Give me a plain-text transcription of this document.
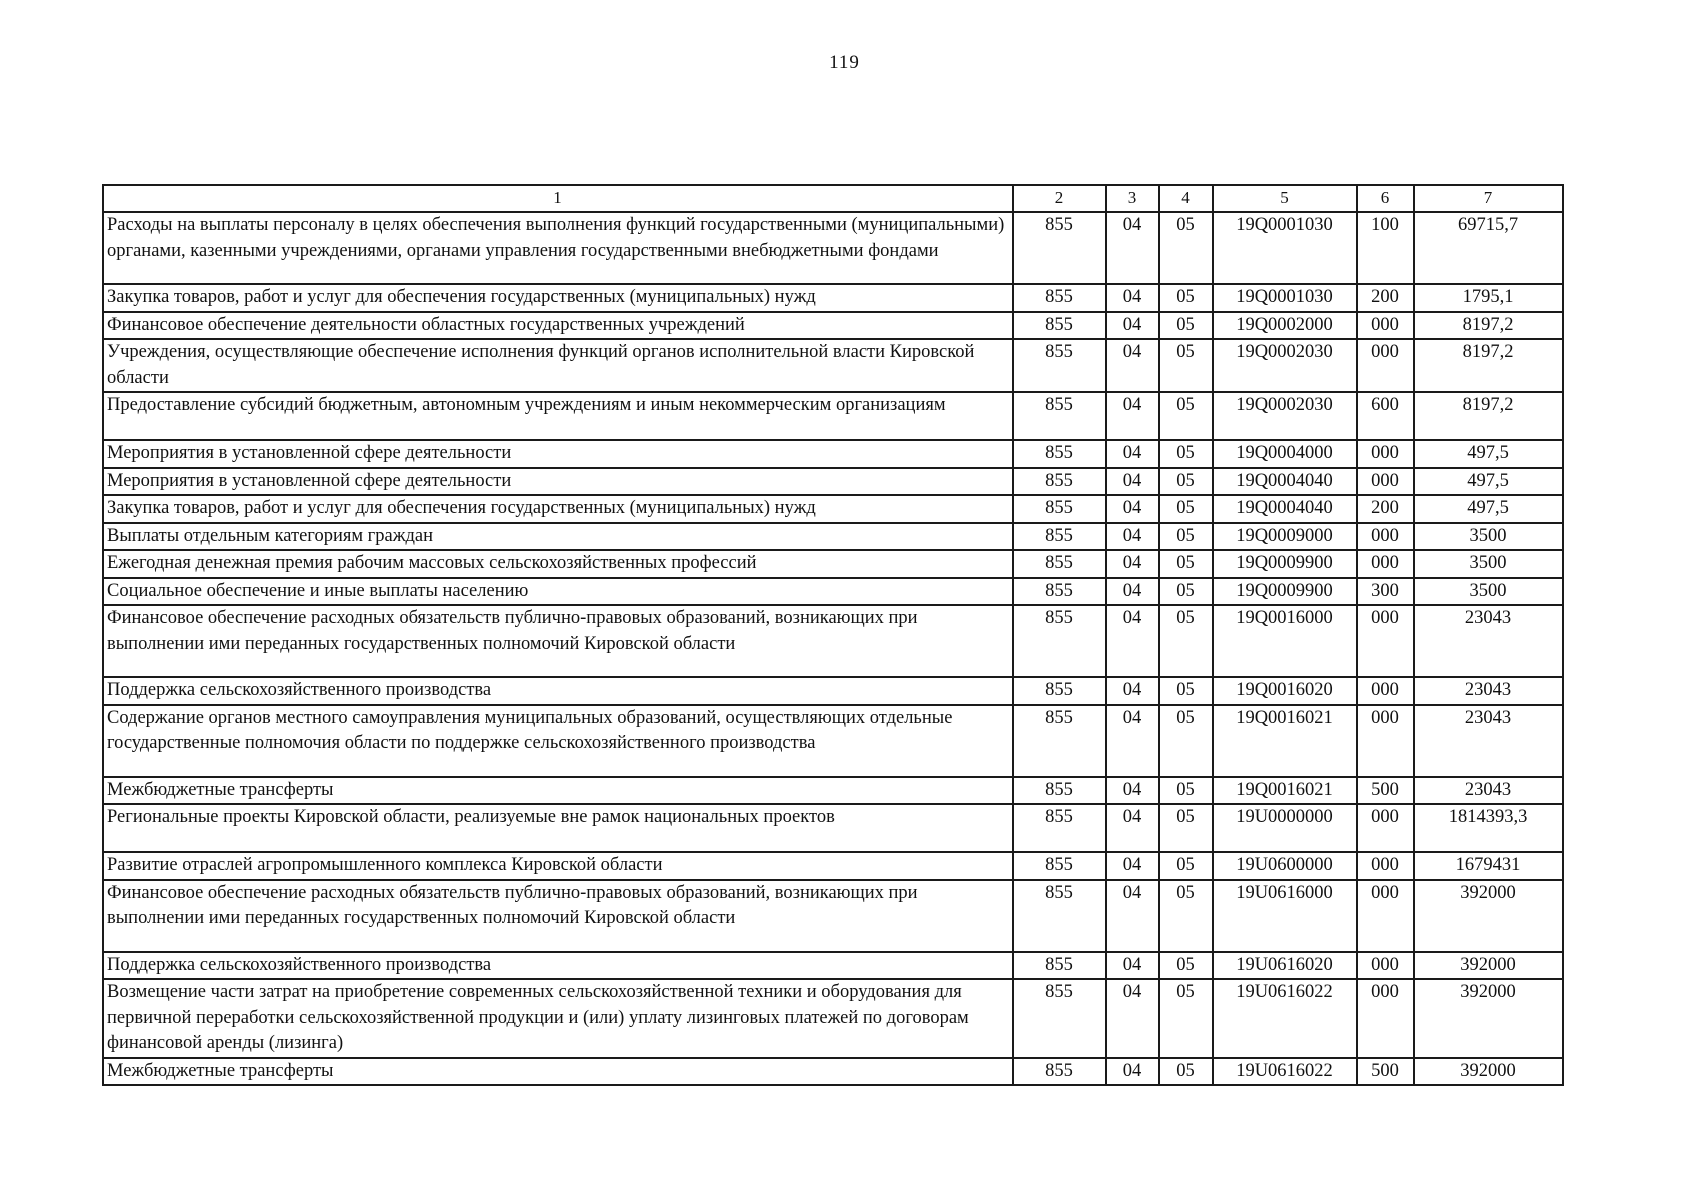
119
1	2	3	4	5	6	7
Расходы на выплаты персоналу в целях обеспечения выполнения функций государственными (муниципальными) органами, казенными учреждениями, органами управления государственными внебюджетными фондами	855	04	05	19Q0001030	100	69715,7
Закупка товаров, работ и услуг для обеспечения государственных (муниципальных) нужд	855	04	05	19Q0001030	200	1795,1
Финансовое обеспечение деятельности областных государственных учреждений	855	04	05	19Q0002000	000	8197,2
Учреждения, осуществляющие обеспечение исполнения функций органов исполнительной власти Кировской области	855	04	05	19Q0002030	000	8197,2
Предоставление субсидий бюджетным, автономным учреждениям и иным некоммерческим организациям	855	04	05	19Q0002030	600	8197,2
Мероприятия в установленной сфере деятельности	855	04	05	19Q0004000	000	497,5
Мероприятия в установленной сфере деятельности	855	04	05	19Q0004040	000	497,5
Закупка товаров, работ и услуг для обеспечения государственных (муниципальных) нужд	855	04	05	19Q0004040	200	497,5
Выплаты отдельным категориям граждан	855	04	05	19Q0009000	000	3500
Ежегодная денежная премия рабочим массовых сельскохозяйственных профессий	855	04	05	19Q0009900	000	3500
Социальное обеспечение и иные выплаты населению	855	04	05	19Q0009900	300	3500
Финансовое обеспечение расходных обязательств публично-правовых образований, возникающих при выполнении ими переданных государственных полномочий Кировской области	855	04	05	19Q0016000	000	23043
Поддержка сельскохозяйственного производства	855	04	05	19Q0016020	000	23043
Содержание органов местного самоуправления муниципальных образований, осуществляющих отдельные государственные полномочия области по поддержке сельскохозяйственного производства	855	04	05	19Q0016021	000	23043
Межбюджетные трансферты	855	04	05	19Q0016021	500	23043
Региональные проекты Кировской области, реализуемые вне рамок национальных проектов	855	04	05	19U0000000	000	1814393,3
Развитие отраслей агропромышленного комплекса Кировской области	855	04	05	19U0600000	000	1679431
Финансовое обеспечение расходных обязательств публично-правовых образований, возникающих при выполнении ими переданных государственных полномочий Кировской области	855	04	05	19U0616000	000	392000
Поддержка сельскохозяйственного производства	855	04	05	19U0616020	000	392000
Возмещение части затрат на приобретение современных сельскохозяйственной техники и оборудования для первичной переработки сельскохозяйственной продукции и (или) уплату лизинговых платежей по договорам финансовой аренды (лизинга)	855	04	05	19U0616022	000	392000
Межбюджетные трансферты	855	04	05	19U0616022	500	392000
